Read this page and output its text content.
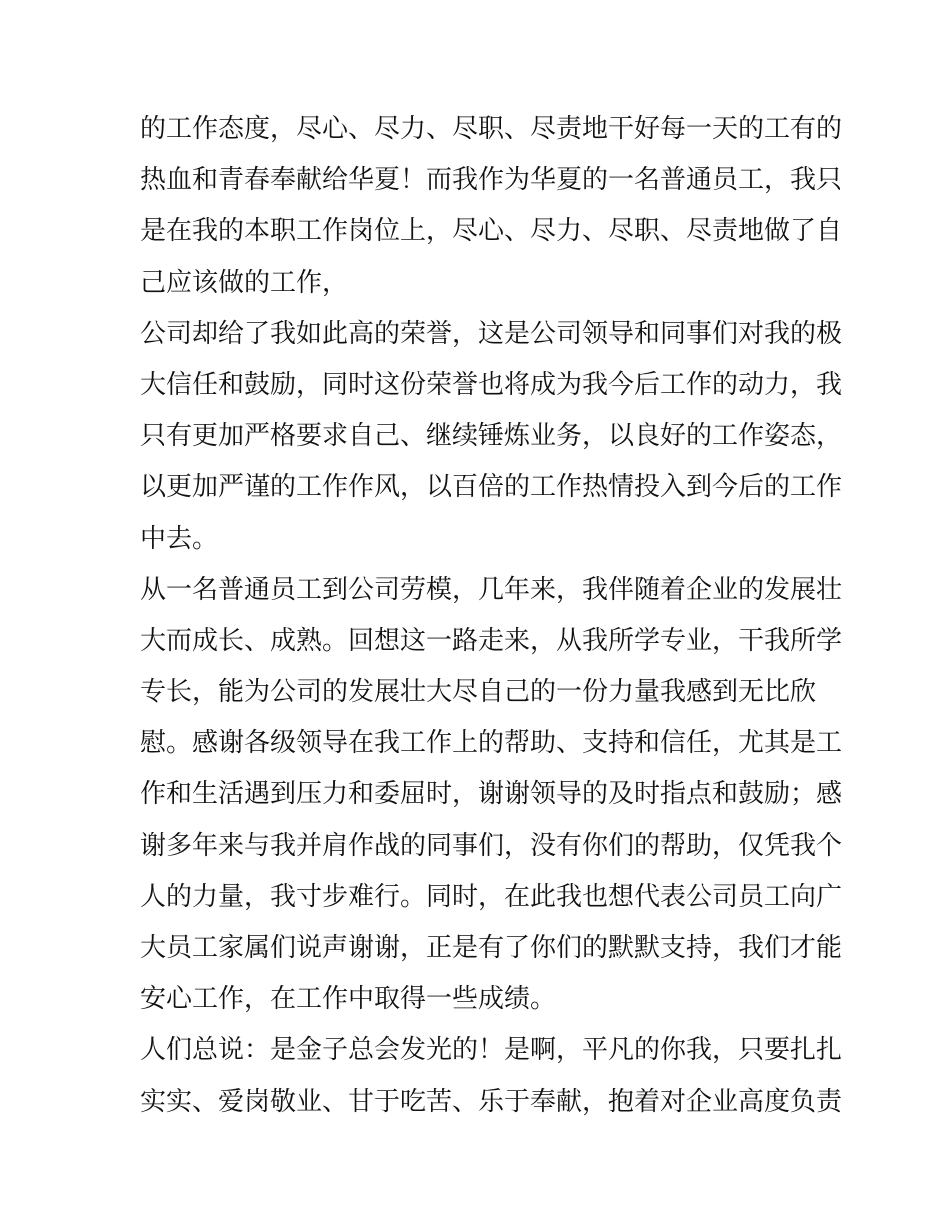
的工作态度，尽心、尽力、尽职、尽责地干好每一天的工有的
热血和青春奉献给华夏！而我作为华夏的一名普通员工，我只
是在我的本职工作岗位上，尽心、尽力、尽职、尽责地做了自
己应该做的工作，
公司却给了我如此高的荣誉，这是公司领导和同事们对我的极
大信任和鼓励，同时这份荣誉也将成为我今后工作的动力，我
只有更加严格要求自己、继续锤炼业务，以良好的工作姿态，
以更加严谨的工作作风，以百倍的工作热情投入到今后的工作
中去。
从一名普通员工到公司劳模，几年来，我伴随着企业的发展壮
大而成长、成熟。回想这一路走来，从我所学专业，干我所学
专长，能为公司的发展壮大尽自己的一份力量我感到无比欣
慰。感谢各级领导在我工作上的帮助、支持和信任，尤其是工
作和生活遇到压力和委屈时，谢谢领导的及时指点和鼓励；感
谢多年来与我并肩作战的同事们，没有你们的帮助，仅凭我个
人的力量，我寸步难行。同时，在此我也想代表公司员工向广
大员工家属们说声谢谢，正是有了你们的默默支持，我们才能
安心工作，在工作中取得一些成绩。
人们总说：是金子总会发光的！是啊，平凡的你我，只要扎扎
实实、爱岗敬业、甘于吃苦、乐于奉献，抱着对企业高度负责
